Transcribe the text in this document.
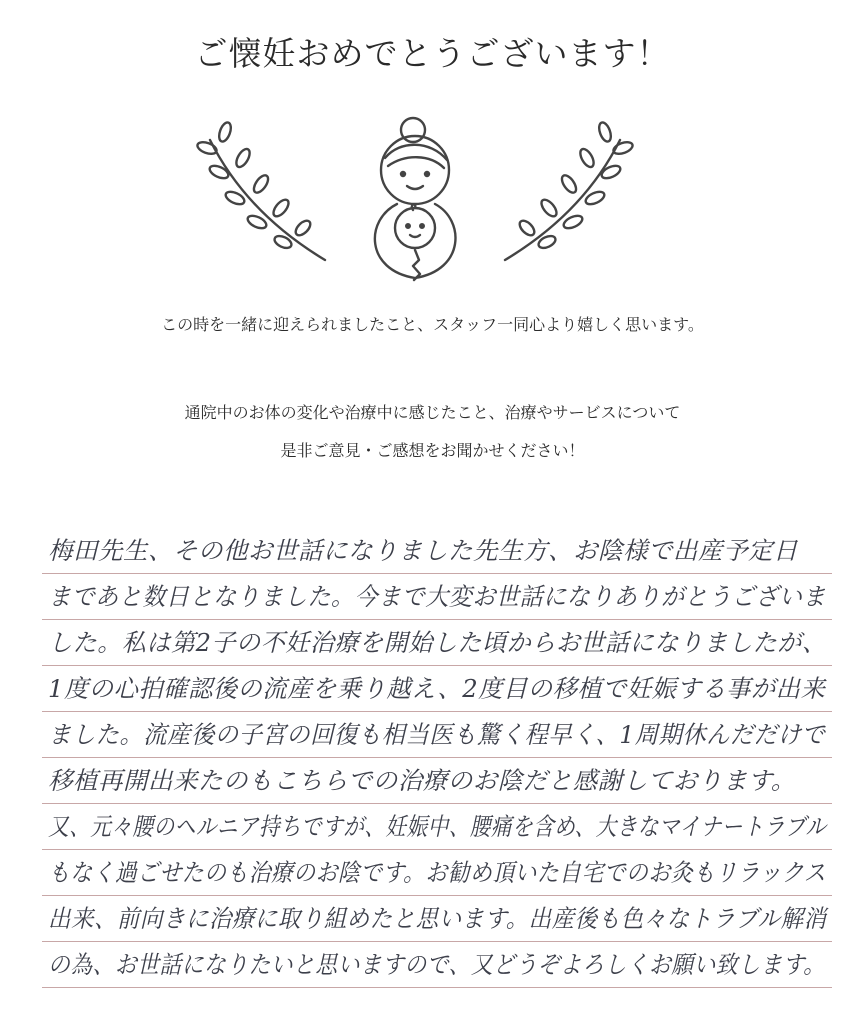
ご懐妊おめでとうございます！
この時を一緒に迎えられましたこと、スタッフ一同心より嬉しく思います。
通院中のお体の変化や治療中に感じたこと、治療やサービスについて
是非ご意見・ご感想をお聞かせください！
梅田先生、その他お世話になりました先生方、お陰様で出産予定日
まであと数日となりました。今まで大変お世話になりありがとうございま
した。私は第2子の不妊治療を開始した頃からお世話になりましたが、
1度の心拍確認後の流産を乗り越え、2度目の移植で妊娠する事が出来
ました。流産後の子宮の回復も相当医も驚く程早く、1周期休んだだけで
移植再開出来たのもこちらでの治療のお陰だと感謝しております。
又、元々腰のヘルニア持ちですが、妊娠中、腰痛を含め、大きなマイナートラブル
もなく過ごせたのも治療のお陰です。お勧め頂いた自宅でのお灸もリラックス
出来、前向きに治療に取り組めたと思います。出産後も色々なトラブル解消
の為、お世話になりたいと思いますので、又どうぞよろしくお願い致します。
